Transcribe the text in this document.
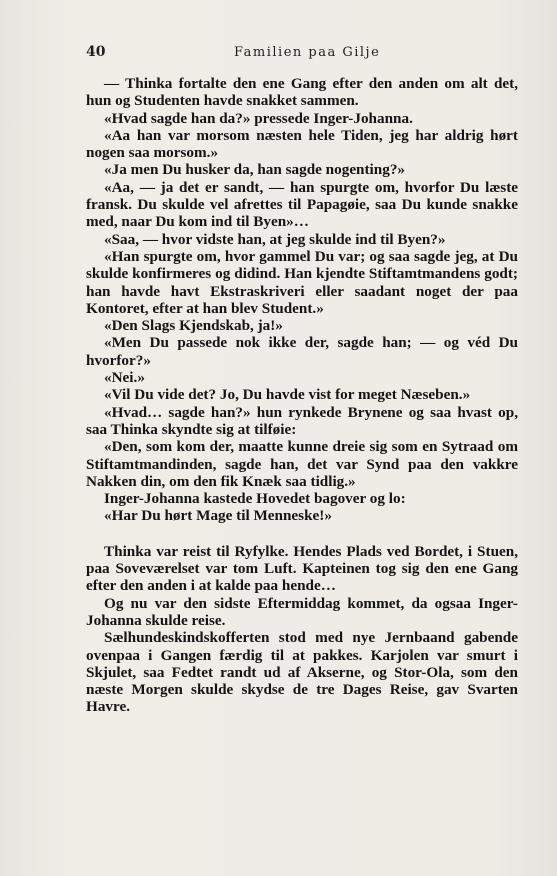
40	Familien paa Gilje

— Thinka fortalte den ene Gang efter den anden om alt det, hun og Studenten havde snakket sammen.

«Hvad sagde han da?» pressede Inger-Johanna.

«Aa han var morsom næsten hele Tiden, jeg har aldrig hørt nogen saa morsom.»

«Ja men Du husker da, han sagde nogenting?»

«Aa, — ja det er sandt, — han spurgte om, hvorfor Du læste fransk. Du skulde vel afrettes til Papagøie, saa Du kunde snakke med, naar Du kom ind til Byen»…

«Saa, — hvor vidste han, at jeg skulde ind til Byen?»

«Han spurgte om, hvor gammel Du var; og saa sagde jeg, at Du skulde konfirmeres og didind. Han kjendte Stiftamtmandens godt; han havde havt Ekstraskriveri eller saadant noget der paa Kontoret, efter at han blev Student.»

«Den Slags Kjendskab, ja!»

«Men Du passede nok ikke der, sagde han; — og véd Du hvorfor?»

«Nei.»

«Vil Du vide det? Jo, Du havde vist for meget Næseben.»

«Hvad… sagde han?» hun rynkede Brynene og saa hvast op, saa Thinka skyndte sig at tilføie:

«Den, som kom der, maatte kunne dreie sig som en Sytraad om Stiftamtmandinden, sagde han, det var Synd paa den vakkre Nakken din, om den fik Knæk saa tidlig.»

Inger-Johanna kastede Hovedet bagover og lo:

«Har Du hørt Mage til Menneske!»

Thinka var reist til Ryfylke. Hendes Plads ved Bordet, i Stuen, paa Soveværelset var tom Luft. Kapteinen tog sig den ene Gang efter den anden i at kalde paa hende…

Og nu var den sidste Eftermiddag kommet, da ogsaa Inger-Johanna skulde reise.

Sælhundeskindskofferten stod med nye Jernbaand gabende ovenpaa i Gangen færdig til at pakkes. Karjolen var smurt i Skjulet, saa Fedtet randt ud af Akserne, og Stor-Ola, som den næste Morgen skulde skydse de tre Dages Reise, gav Svarten Havre.
